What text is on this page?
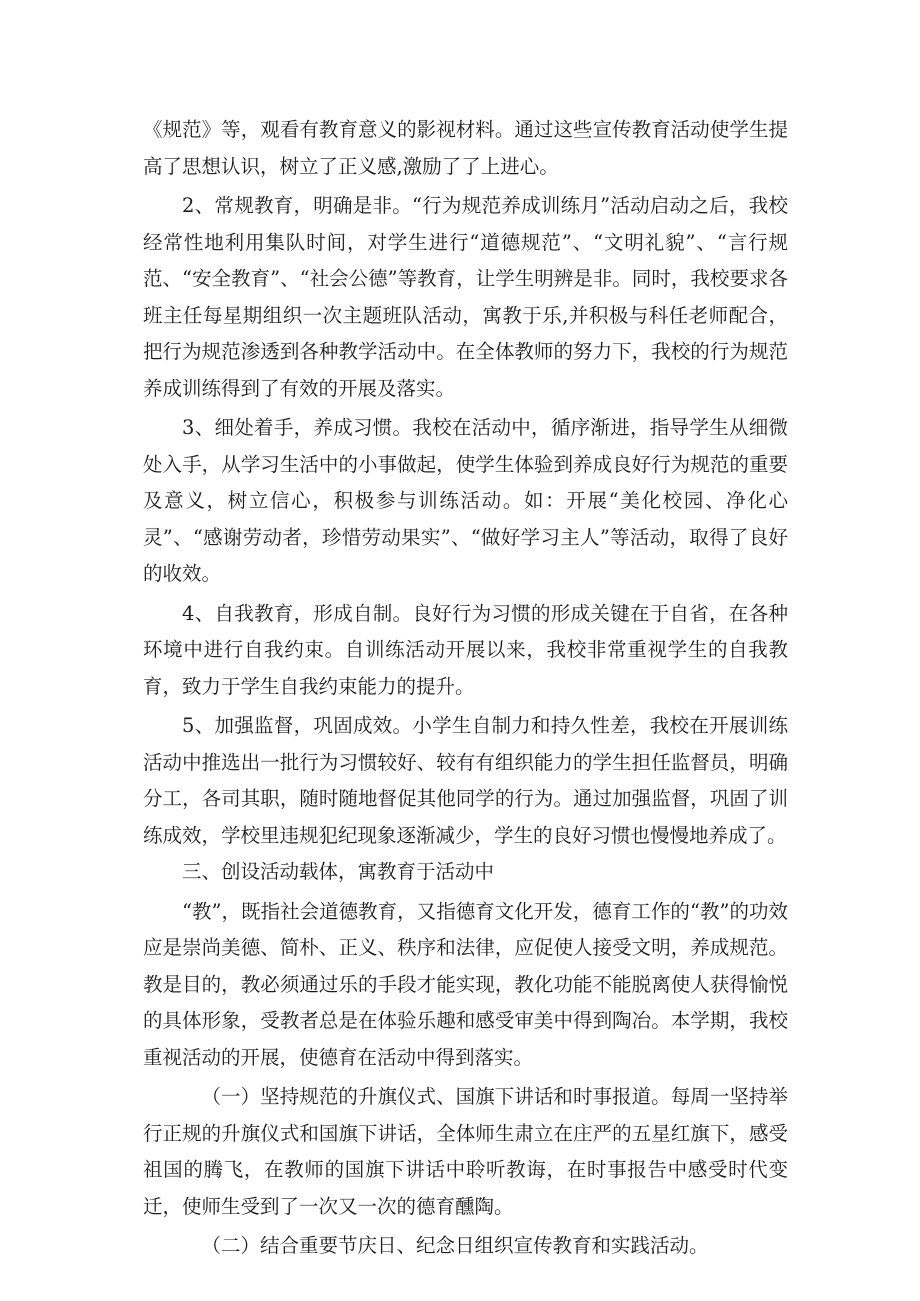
《规范》等，观看有教育意义的影视材料。通过这些宣传教育活动使学生提高了思想认识，树立了正义感,激励了了上进心。

2、常规教育，明确是非。“行为规范养成训练月”活动启动之后，我校经常性地利用集队时间，对学生进行“道德规范”、“文明礼貌”、“言行规范、“安全教育”、“社会公德”等教育，让学生明辨是非。同时，我校要求各班主任每星期组织一次主题班队活动，寓教于乐,并积极与科任老师配合，把行为规范渗透到各种教学活动中。在全体教师的努力下，我校的行为规范养成训练得到了有效的开展及落实。

3、细处着手，养成习惯。我校在活动中，循序渐进，指导学生从细微处入手，从学习生活中的小事做起，使学生体验到养成良好行为规范的重要及意义，树立信心，积极参与训练活动。如：开展“美化校园、净化心灵”、“感谢劳动者，珍惜劳动果实”、“做好学习主人”等活动，取得了良好的收效。

4、自我教育，形成自制。良好行为习惯的形成关键在于自省，在各种环境中进行自我约束。自训练活动开展以来，我校非常重视学生的自我教育，致力于学生自我约束能力的提升。

5、加强监督，巩固成效。小学生自制力和持久性差，我校在开展训练活动中推选出一批行为习惯较好、较有有组织能力的学生担任监督员，明确分工，各司其职，随时随地督促其他同学的行为。通过加强监督，巩固了训练成效，学校里违规犯纪现象逐渐减少，学生的良好习惯也慢慢地养成了。

三、创设活动载体，寓教育于活动中

“教”，既指社会道德教育，又指德育文化开发，德育工作的“教”的功效应是崇尚美德、简朴、正义、秩序和法律，应促使人接受文明，养成规范。教是目的，教必须通过乐的手段才能实现，教化功能不能脱离使人获得愉悦的具体形象，受教者总是在体验乐趣和感受审美中得到陶冶。本学期，我校重视活动的开展，使德育在活动中得到落实。

（一）坚持规范的升旗仪式、国旗下讲话和时事报道。每周一坚持举行正规的升旗仪式和国旗下讲话，全体师生肃立在庄严的五星红旗下，感受祖国的腾飞，在教师的国旗下讲话中聆听教诲，在时事报告中感受时代变迁，使师生受到了一次又一次的德育醺陶。

（二）结合重要节庆日、纪念日组织宣传教育和实践活动。
